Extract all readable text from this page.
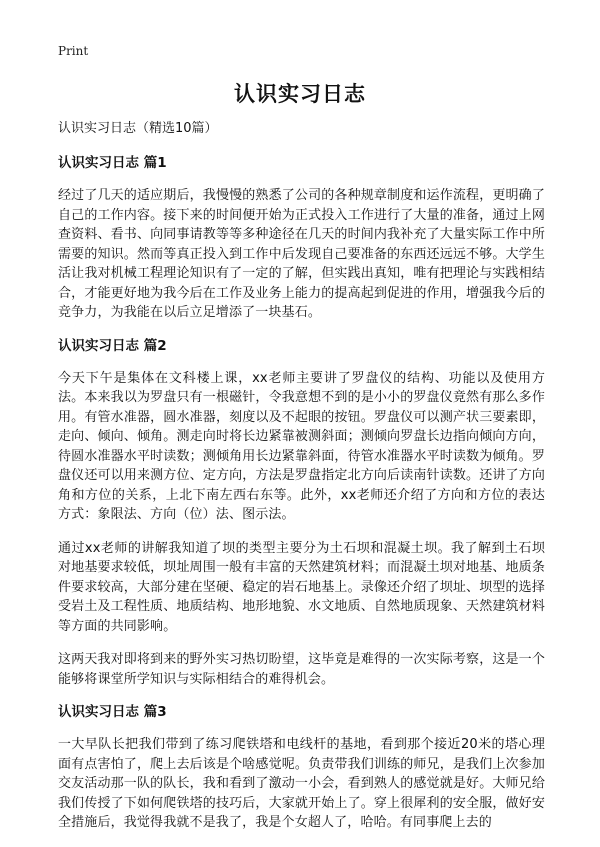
Print
认识实习日志

认识实习日志（精选10篇）

认识实习日志 篇1

经过了几天的适应期后，我慢慢的熟悉了公司的各种规章制度和运作流程，更明确了自己的工作内容。接下来的时间便开始为正式投入工作进行了大量的准备，通过上网查资料、看书、向同事请教等等多种途径在几天的时间内我补充了大量实际工作中所需要的知识。然而等真正投入到工作中后发现自己要准备的东西还远远不够。大学生活让我对机械工程理论知识有了一定的了解，但实践出真知，唯有把理论与实践相结合，才能更好地为我今后在工作及业务上能力的提高起到促进的作用，增强我今后的竞争力，为我能在以后立足增添了一块基石。

认识实习日志 篇2

今天下午是集体在文科楼上课，xx老师主要讲了罗盘仪的结构、功能以及使用方法。本来我以为罗盘只有一根磁针，令我意想不到的是小小的罗盘仪竟然有那么多作用。有管水准器，圆水准器，刻度以及不起眼的按钮。罗盘仪可以测产状三要素即，走向、倾向、倾角。测走向时将长边紧靠被测斜面；测倾向罗盘长边指向倾向方向，待圆水准器水平时读数；测倾角用长边紧靠斜面，待管水准器水平时读数为倾角。罗盘仪还可以用来测方位、定方向，方法是罗盘指定北方向后读南针读数。还讲了方向角和方位的关系，上北下南左西右东等。此外，xx老师还介绍了方向和方位的表达方式：象限法、方向（位）法、图示法。

通过xx老师的讲解我知道了坝的类型主要分为土石坝和混凝土坝。我了解到土石坝对地基要求较低，坝址周围一般有丰富的天然建筑材料；而混凝土坝对地基、地质条件要求较高，大部分建在坚硬、稳定的岩石地基上。录像还介绍了坝址、坝型的选择受岩土及工程性质、地质结构、地形地貌、水文地质、自然地质现象、天然建筑材料等方面的共同影响。

这两天我对即将到来的野外实习热切盼望，这毕竟是难得的一次实际考察，这是一个能够将课堂所学知识与实际相结合的难得机会。

认识实习日志 篇3

一大早队长把我们带到了练习爬铁塔和电线杆的基地，看到那个接近20米的塔心理面有点害怕了，爬上去后该是个啥感觉呢。负责带我们训练的师兄，是我们上次参加交友活动那一队的队长，我和看到了激动一小会，看到熟人的感觉就是好。大师兄给我们传授了下如何爬铁塔的技巧后，大家就开始上了。穿上很犀利的安全服，做好安全措施后，我觉得我就不是我了，我是个女超人了，哈哈。有同事爬上去的
